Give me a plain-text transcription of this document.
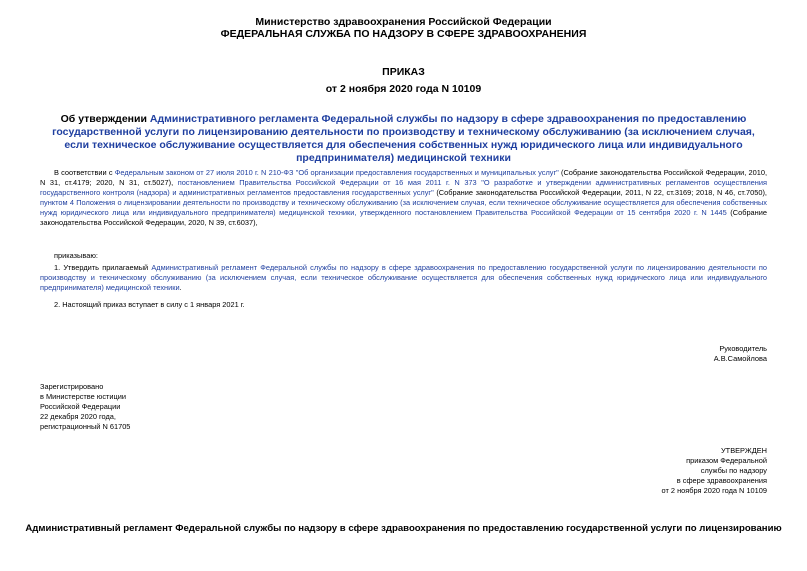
Министерство здравоохранения Российской Федерации
ФЕДЕРАЛЬНАЯ СЛУЖБА ПО НАДЗОРУ В СФЕРЕ ЗДРАВООХРАНЕНИЯ
ПРИКАЗ
от 2 ноября 2020 года N 10109
Об утверждении Административного регламента Федеральной службы по надзору в сфере здравоохранения по предоставлению государственной услуги по лицензированию деятельности по производству и техническому обслуживанию (за исключением случая, если техническое обслуживание осуществляется для обеспечения собственных нужд юридического лица или индивидуального предпринимателя) медицинской техники
В соответствии с Федеральным законом от 27 июля 2010 г. N 210-ФЗ "Об организации предоставления государственных и муниципальных услуг" (Собрание законодательства Российской Федерации, 2010, N 31, ст.4179; 2020, N 31, ст.5027), постановлением Правительства Российской Федерации от 16 мая 2011 г. N 373 "О разработке и утверждении административных регламентов осуществления государственного контроля (надзора) и административных регламентов предоставления государственных услуг" (Собрание законодательства Российской Федерации, 2011, N 22, ст.3169; 2018, N 46, ст.7050), пунктом 4 Положения о лицензировании деятельности по производству и техническому обслуживанию (за исключением случая, если техническое обслуживание осуществляется для обеспечения собственных нужд юридического лица или индивидуального предпринимателя) медицинской техники, утвержденного постановлением Правительства Российской Федерации от 15 сентября 2020 г. N 1445 (Собрание законодательства Российской Федерации, 2020, N 39, ст.6037),
приказываю:
1. Утвердить прилагаемый Административный регламент Федеральной службы по надзору в сфере здравоохранения по предоставлению государственной услуги по лицензированию деятельности по производству и техническому обслуживанию (за исключением случая, если техническое обслуживание осуществляется для обеспечения собственных нужд юридического лица или индивидуального предпринимателя) медицинской техники.
2. Настоящий приказ вступает в силу с 1 января 2021 г.
Руководитель
А.В.Самойлова
Зарегистрировано
в Министерстве юстиции
Российской Федерации
22 декабря 2020 года,
регистрационный N 61705
УТВЕРЖДЕН
приказом Федеральной
службы по надзору
в сфере здравоохранения
от 2 ноября 2020 года N 10109
Административный регламент Федеральной службы по надзору в сфере здравоохранения по предоставлению государственной услуги по лицензированию
